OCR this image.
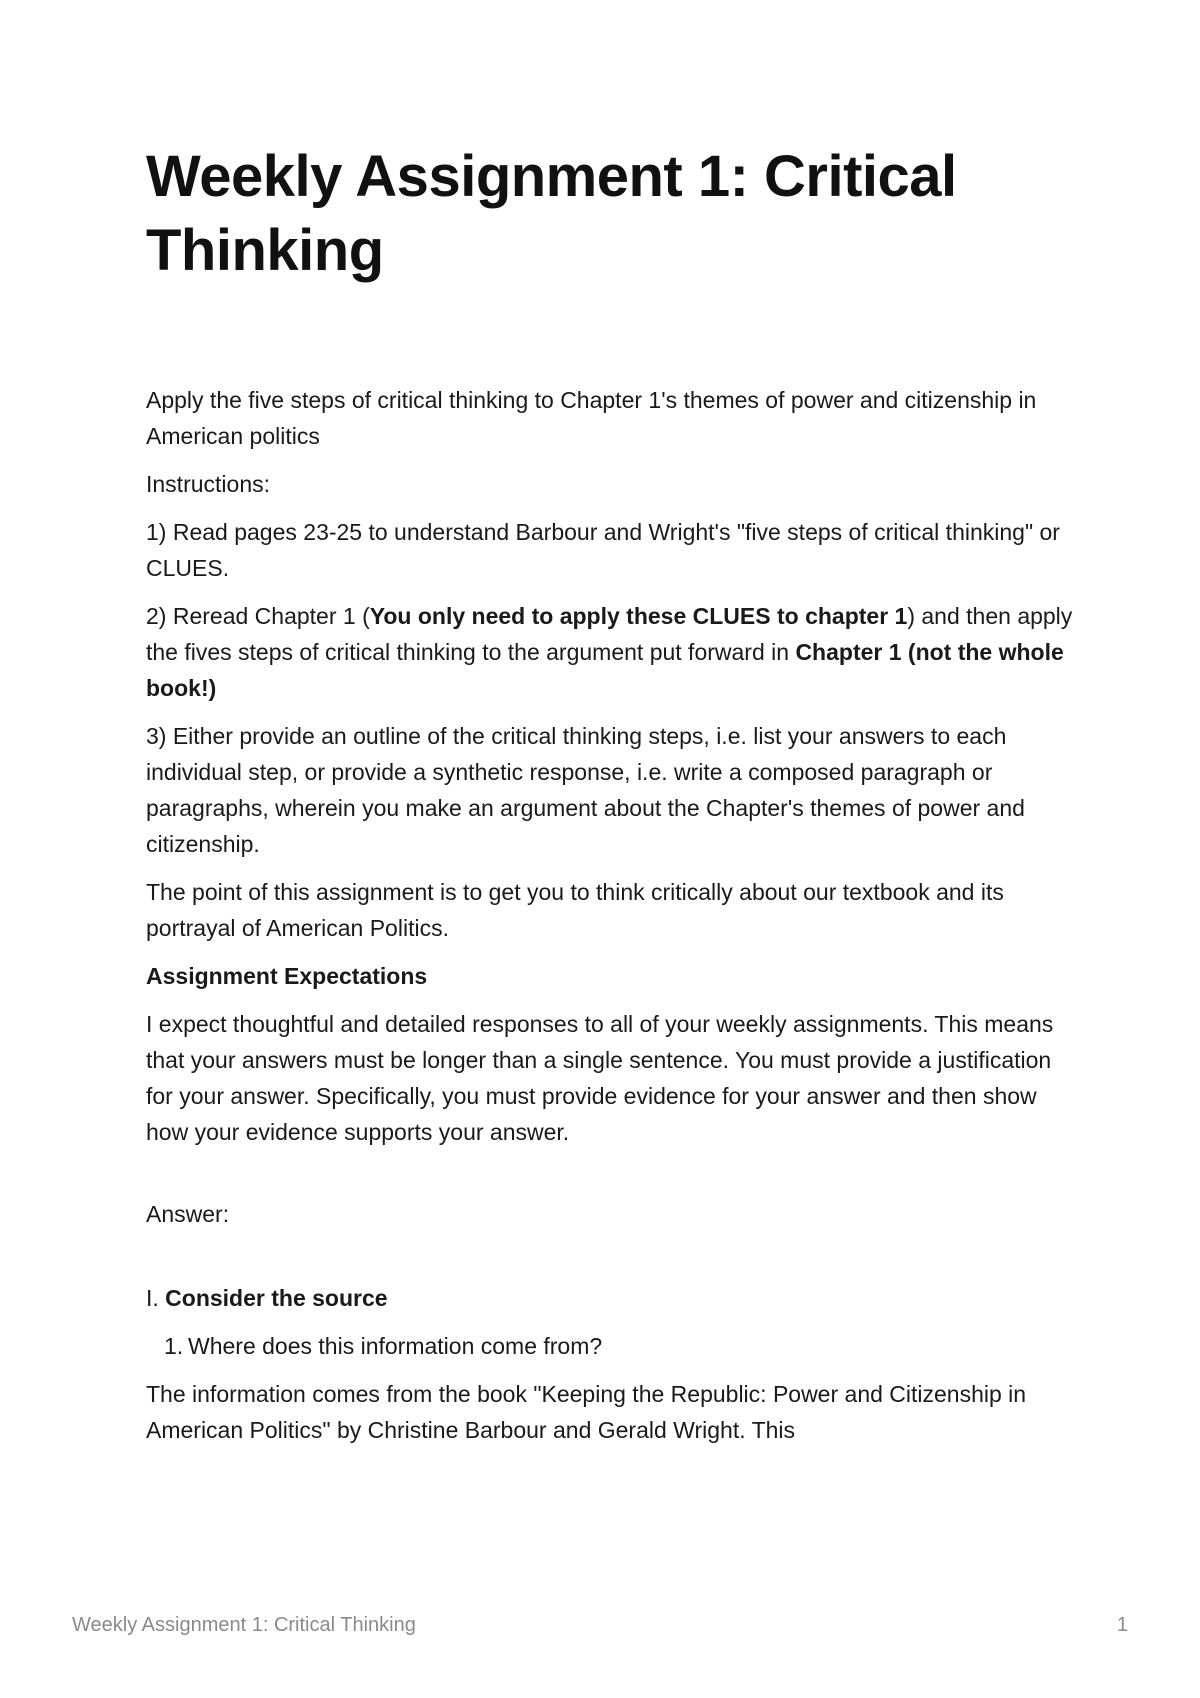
Weekly Assignment 1: Critical Thinking

Apply the five steps of critical thinking to Chapter 1's themes of power and citizenship in American politics

Instructions:

1) Read pages 23-25 to understand Barbour and Wright's "five steps of critical thinking" or CLUES.

2) Reread Chapter 1 (You only need to apply these CLUES to chapter 1) and then apply the fives steps of critical thinking to the argument put forward in Chapter 1 (not the whole book!)

3) Either provide an outline of the critical thinking steps, i.e. list your answers to each individual step, or provide a synthetic response, i.e. write a composed paragraph or paragraphs, wherein you make an argument about the Chapter's themes of power and citizenship.

The point of this assignment is to get you to think critically about our textbook and its portrayal of American Politics.

Assignment Expectations

I expect thoughtful and detailed responses to all of your weekly assignments. This means that your answers must be longer than a single sentence. You must provide a justification for your answer. Specifically, you must provide evidence for your answer and then show how your evidence supports your answer.

Answer:

I. Consider the source

1. Where does this information come from?

The information comes from the book "Keeping the Republic: Power and Citizenship in American Politics" by Christine Barbour and Gerald Wright. This

Weekly Assignment 1: Critical Thinking	1
